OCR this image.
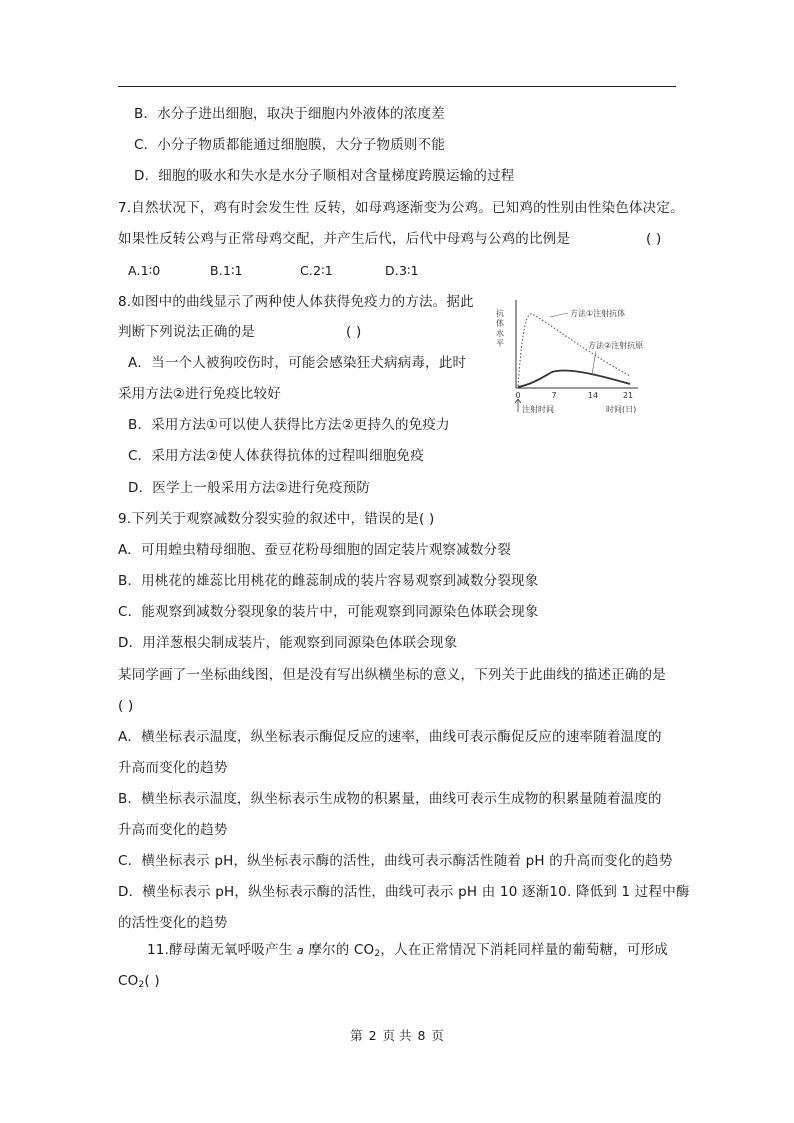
B．水分子进出细胞，取决于细胞内外液体的浓度差
C．小分子物质都能通过细胞膜，大分子物质则不能
D．细胞的吸水和失水是水分子顺相对含量梯度跨膜运输的过程
7.自然状况下，鸡有时会发生性 反转，如母鸡逐渐变为公鸡。已知鸡的性别由性染色体决定。
如果性反转公鸡与正常母鸡交配，并产生后代，后代中母鸡与公鸡的比例是	( )
A.1∶0	B.1∶1	C.2∶1	D.3∶1
8.如图中的曲线显示了两种使人体获得免疫力的方法。据此
判断下列说法正确的是	( )
A．当一个人被狗咬伤时，可能会感染狂犬病病毒，此时
采用方法②进行免疫比较好
B．采用方法①可以使人获得比方法②更持久的免疫力
C．采用方法②使人体获得抗体的过程叫细胞免疫
D．医学上一般采用方法②进行免疫预防
抗
体
水
平
方法①注射抗体
方法②注射抗原
0	7	14	21
注射时间	时间(日)
9.下列关于观察减数分裂实验的叙述中，错误的是( )
A．可用蝗虫精母细胞、蚕豆花粉母细胞的固定装片观察减数分裂
B．用桃花的雄蕊比用桃花的雌蕊制成的装片容易观察到减数分裂现象
C．能观察到减数分裂现象的装片中，可能观察到同源染色体联会现象
D．用洋葱根尖制成装片，能观察到同源染色体联会现象
某同学画了一坐标曲线图，但是没有写出纵横坐标的意义，下列关于此曲线的描述正确的是
( )
A．横坐标表示温度，纵坐标表示酶促反应的速率，曲线可表示酶促反应的速率随着温度的
升高而变化的趋势
B．横坐标表示温度，纵坐标表示生成物的积累量，曲线可表示生成物的积累量随着温度的
升高而变化的趋势
C．横坐标表示 pH，纵坐标表示酶的活性，曲线可表示酶活性随着 pH 的升高而变化的趋势
D．横坐标表示 pH，纵坐标表示酶的活性，曲线可表示 pH 由 10 逐渐10. 降低到 1 过程中酶
的活性变化的趋势
11.酵母菌无氧呼吸产生 a 摩尔的 $CO_2$，人在正常情况下消耗同样量的葡萄糖，可形成
$CO_2$( )
第 2 页 共 8 页
